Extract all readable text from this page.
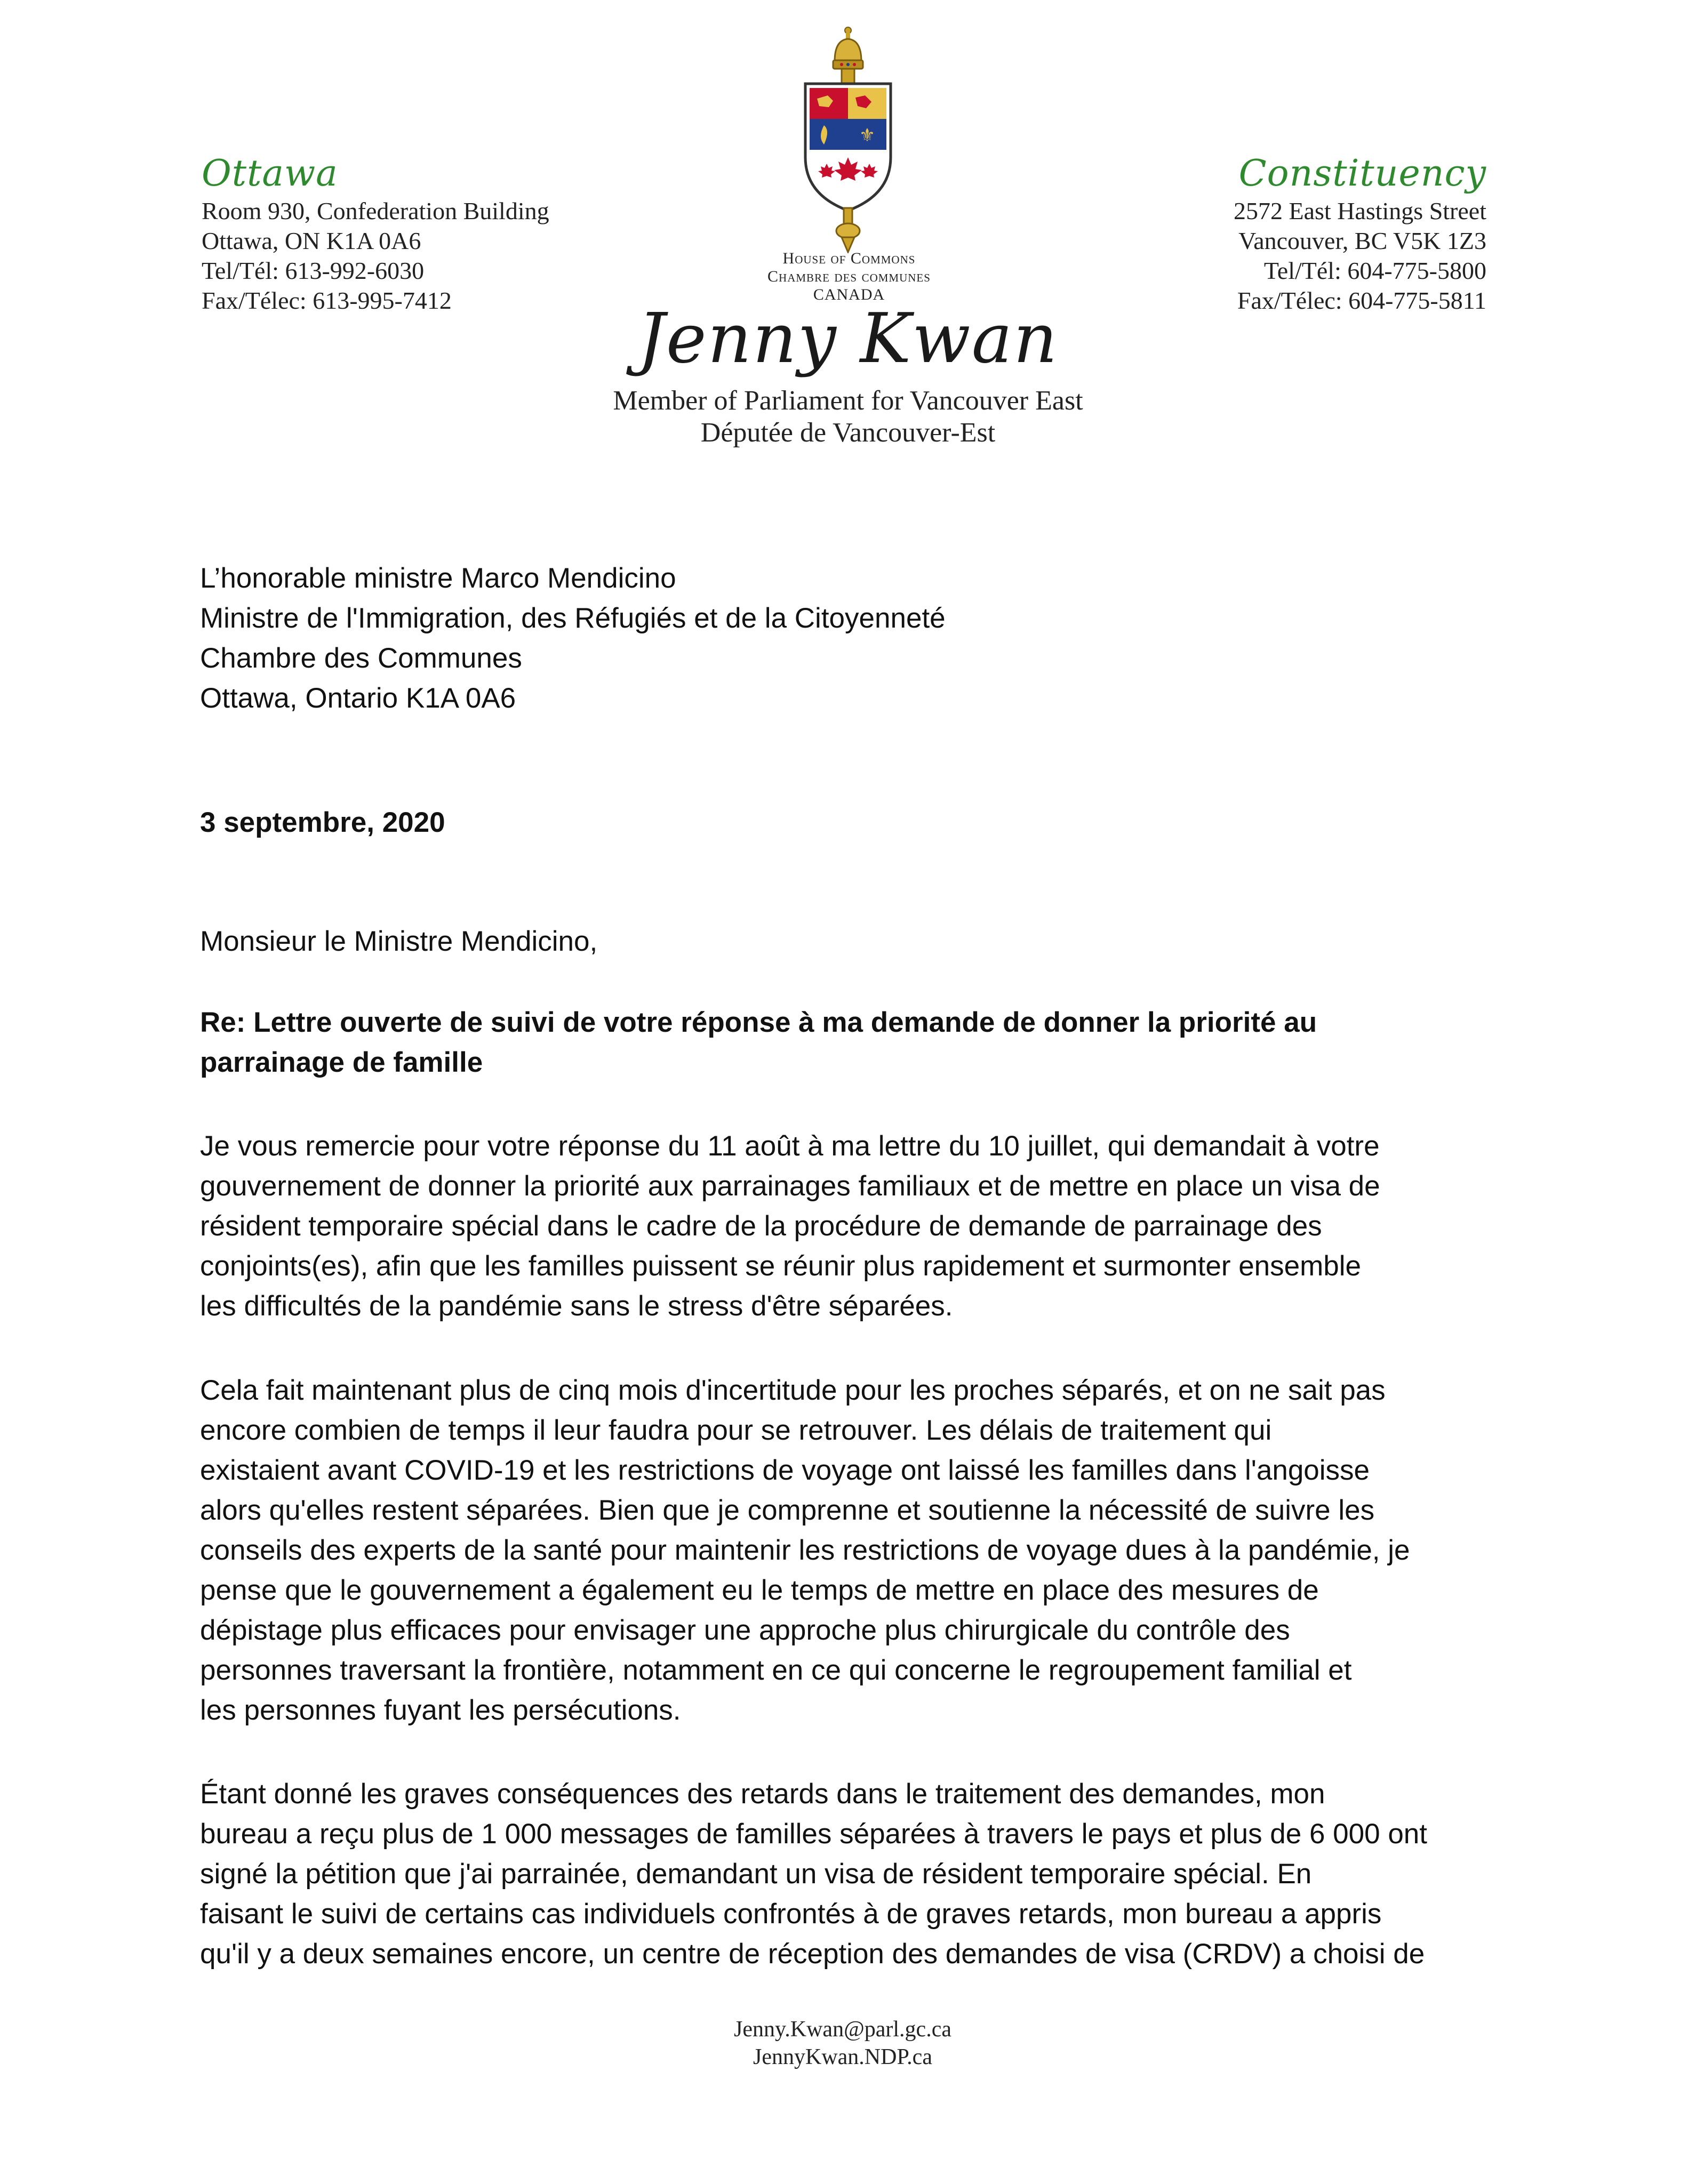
Ottawa
Room 930, Confederation Building
Ottawa, ON K1A 0A6
Tel/Tél: 613-992-6030
Fax/Télec: 613-995-7412
Constituency
2572 East Hastings Street
Vancouver, BC V5K 1Z3
Tel/Tél: 604-775-5800
Fax/Télec: 604-775-5811
⚜
House of Commons
Chambre des communes
CANADA
Jenny Kwan
Member of Parliament for Vancouver East
Députée de Vancouver-Est
L’honorable ministre Marco Mendicino
Ministre de l'Immigration, des Réfugiés et de la Citoyenneté
Chambre des Communes
Ottawa, Ontario K1A 0A6
3 septembre, 2020
Monsieur le Ministre Mendicino,
Re: Lettre ouverte de suivi de votre réponse à ma demande de donner la priorité au
parrainage de famille
Je vous remercie pour votre réponse du 11 août à ma lettre du 10 juillet, qui demandait à votre
gouvernement de donner la priorité aux parrainages familiaux et de mettre en place un visa de
résident temporaire spécial dans le cadre de la procédure de demande de parrainage des
conjoints(es), afin que les familles puissent se réunir plus rapidement et surmonter ensemble
les difficultés de la pandémie sans le stress d'être séparées.
Cela fait maintenant plus de cinq mois d'incertitude pour les proches séparés, et on ne sait pas
encore combien de temps il leur faudra pour se retrouver. Les délais de traitement qui
existaient avant COVID-19 et les restrictions de voyage ont laissé les familles dans l'angoisse
alors qu'elles restent séparées. Bien que je comprenne et soutienne la nécessité de suivre les
conseils des experts de la santé pour maintenir les restrictions de voyage dues à la pandémie, je
pense que le gouvernement a également eu le temps de mettre en place des mesures de
dépistage plus efficaces pour envisager une approche plus chirurgicale du contrôle des
personnes traversant la frontière, notamment en ce qui concerne le regroupement familial et
les personnes fuyant les persécutions.
Étant donné les graves conséquences des retards dans le traitement des demandes, mon
bureau a reçu plus de 1 000 messages de familles séparées à travers le pays et plus de 6 000 ont
signé la pétition que j'ai parrainée, demandant un visa de résident temporaire spécial. En
faisant le suivi de certains cas individuels confrontés à de graves retards, mon bureau a appris
qu'il y a deux semaines encore, un centre de réception des demandes de visa (CRDV) a choisi de
Jenny.Kwan@parl.gc.ca
JennyKwan.NDP.ca
